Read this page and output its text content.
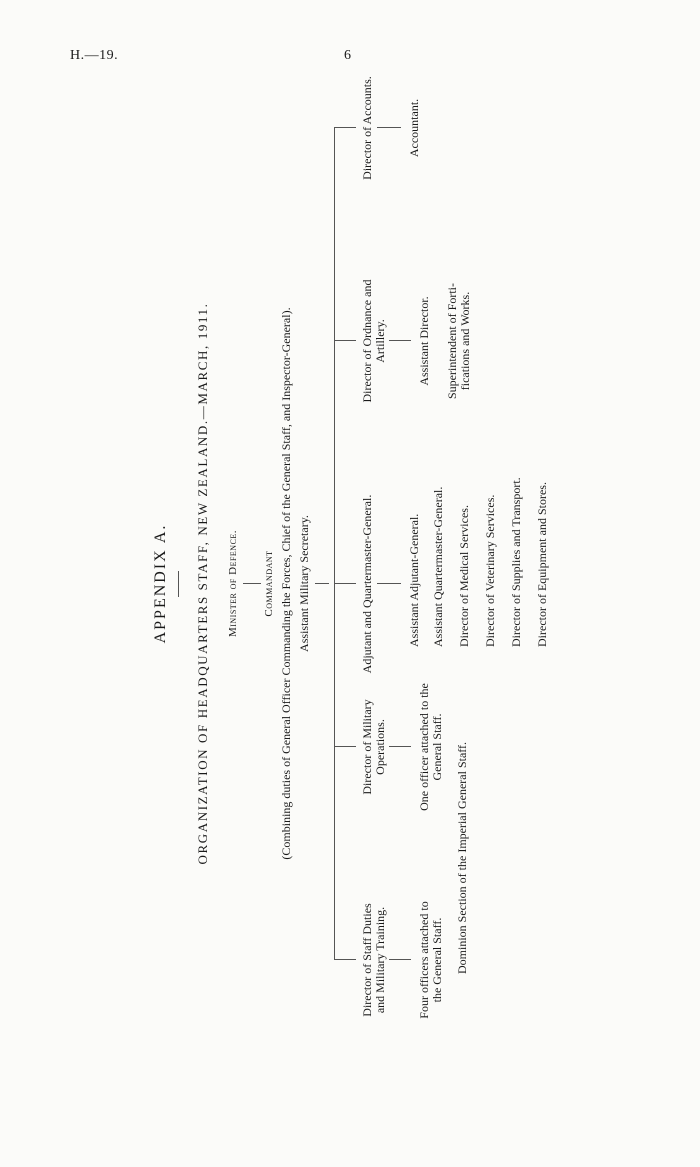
H.—19.	6
APPENDIX A. ORGANIZATION OF HEADQUARTERS STAFF, NEW ZEALAND.—MARCH, 1911. Minister of Defence. Commandant (Combining duties of General Officer Commanding the Forces, Chief of the General Staff, and Inspector-General). Assistant Military Secretary.
Director of Staff Duties and Military Training. Four officers attached to the General Staff. Dominion Section of the Imperial General Staff.
Director of Military Operations. One officer attached to the General Staff.
Adjutant and Quartermaster-General.	Assistant Adjutant-General. Assistant Quartermaster-General. Director of Medical Services. Director of Veterinary Services. Director of Supplies and Transport. Director of Equipment and Stores.
Director of Ordnance and Artillery. Assistant Director. Superintendent of Forti- fications and Works.
Director of Accounts.	Accountant.
